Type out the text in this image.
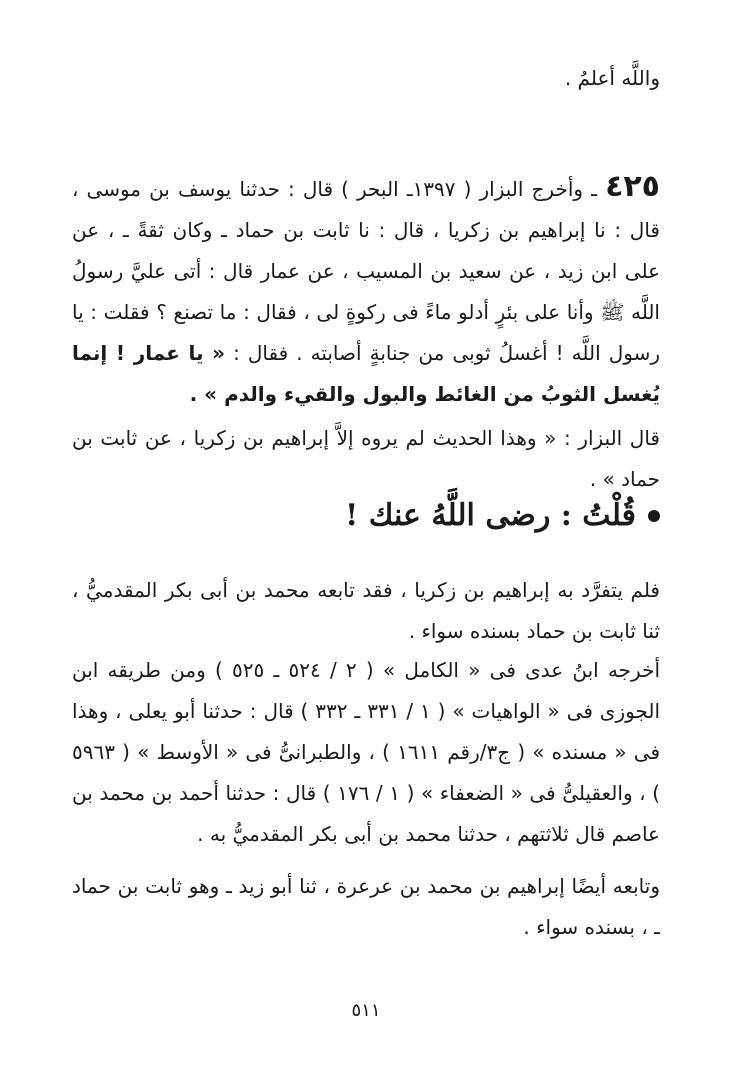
واللَّه أعلمُ .
٤٢٥ ـ وأخرج البزار ( ١٣٩٧ـ البحر ) قال : حدثنا يوسف بن موسى ، قال : نا إبراهيم بن زكريا ، قال : نا ثابت بن حماد ـ وكان ثقةً ـ ، عن على ابن زيد ، عن سعيد بن المسيب ، عن عمار قال : أتى عليَّ رسولُ اللَّه ﷺ وأنا على بئرٍ أدلو ماءً فى ركوةٍ لى ، فقال : ما تصنع ؟ فقلت : يا رسول اللَّه ! أغسلُ ثوبى من جنابةٍ أصابته . فقال : « يا عمار ! إنما يُغسل الثوبُ من الغائط والبول والقيء والدم » .
قال البزار : « وهذا الحديث لم يروه إلاَّ إبراهيم بن زكريا ، عن ثابت بن حماد » .
قُلْتُ : رضى اللَّهُ عنك !
فلم يتفرَّد به إبراهيم بن زكريا ، فقد تابعه محمد بن أبى بكر المقدميُّ ، ثنا ثابت بن حماد بسنده سواء .
أخرجه ابنُ عدى فى « الكامل » ( ٢ / ٥٢٤ ـ ٥٢٥ ) ومن طريقه ابن الجوزى فى « الواهيات » ( ١ / ٣٣١ ـ ٣٣٢ ) قال : حدثنا أبو يعلى ، وهذا فى « مسنده » ( ج٣/رقم ١٦١١ ) ، والطبرانىُّ فى « الأوسط » ( ٥٩٦٣ ) ، والعقيلىُّ فى « الضعفاء » ( ١ / ١٧٦ ) قال : حدثنا أحمد بن محمد بن عاصم قال ثلاثتهم ، حدثنا محمد بن أبى بكر المقدميُّ به .
وتابعه أيضًا إبراهيم بن محمد بن عرعرة ، ثنا أبو زيد ـ وهو ثابت بن حماد ـ ، بسنده سواء .
٥١١
